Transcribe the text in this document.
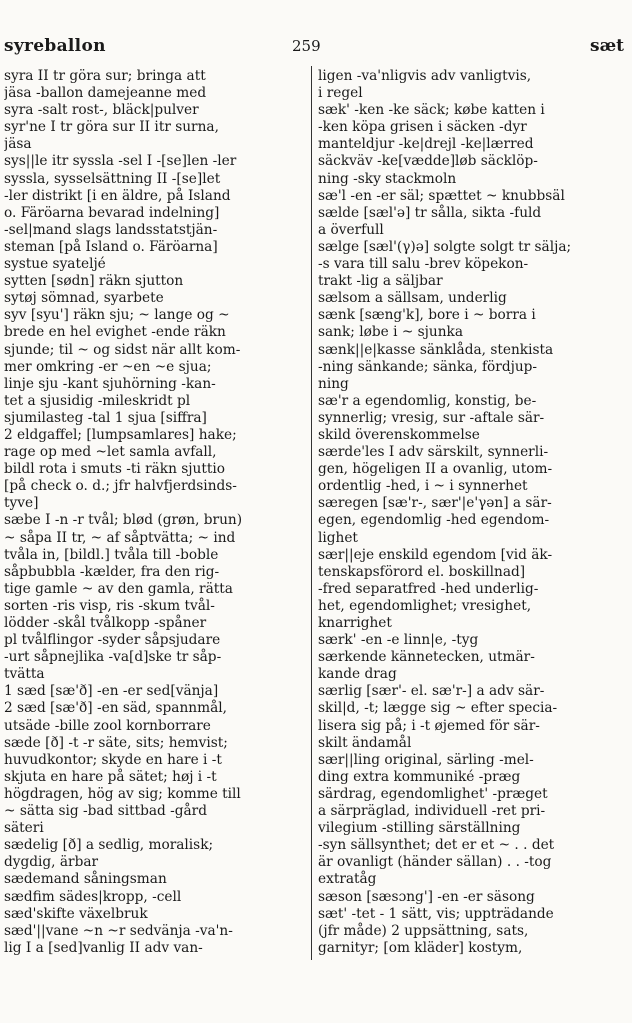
syreballon	259	sæt
syra II tr göra sur; bringa att
jäsa -ballon damejeanne med
syra -salt rost-, bläck|pulver
syr'ne I tr göra sur II itr surna,
jäsa
sys||le itr syssla -sel I -[se]len -ler
syssla, sysselsättning II -[se]let
-ler distrikt [i en äldre, på Island
o. Färöarna bevarad indelning]
-sel|mand slags landsstatstjän-
steman [på Island o. Färöarna]
systue syateljé
sytten [sødn] räkn sjutton
sytøj sömnad, syarbete
syv [syu'] räkn sju; ~ lange og ~
brede en hel evighet -ende räkn
sjunde; til ~ og sidst när allt kom-
mer omkring -er ~en ~e sjua;
linje sju -kant sjuhörning -kan-
tet a sjusidig -mileskridt pl
sjumilasteg -tal 1 sjua [siffra]
2 eldgaffel; [lumpsamlares] hake;
rage op med ~let samla avfall,
bildl rota i smuts -ti räkn sjuttio
[på check o. d.; jfr halvfjerdsinds-
tyve]
sæbe I -n -r tvål; blød (grøn, brun)
~ såpa II tr, ~ af såptvätta; ~ ind
tvåla in, [bildl.] tvåla till -boble
såpbubbla -kælder, fra den rig-
tige gamle ~ av den gamla, rätta
sorten -ris visp, ris -skum tvål-
lödder -skål tvålkopp -spåner
pl tvålflingor -syder såpsjudare
-urt såpnejlika -va[d]ske tr såp-
tvätta
1 sæd [sæ'ð] -en -er sed[vänja]
2 sæd [sæ'ð] -en säd, spannmål,
utsäde -bille zool kornborrare
sæde [ð] -t -r säte, sits; hemvist;
huvudkontor; skyde en hare i -t
skjuta en hare på sätet; høj i -t
högdragen, hög av sig; komme till
~ sätta sig -bad sittbad -gård
säteri
sædelig [ð] a sedlig, moralisk;
dygdig, ärbar
sædemand såningsman
sædfim sädes|kropp, -cell
sæd'skifte växelbruk
sæd'||vane ~n ~r sedvänja -va'n-
lig I a [sed]vanlig II adv van-
ligen -va'nligvis adv vanligtvis,
i regel
sæk' -ken -ke säck; købe katten i
-ken köpa grisen i säcken -dyr
manteldjur -ke|drejl -ke|lærred
säckväv -ke[vædde]løb säcklöp-
ning -sky stackmoln
sæ'l -en -er säl; spættet ~ knubbsäl
sælde [sæl'ə] tr sålla, sikta -fuld
a överfull
sælge [sæl'(γ)ə] solgte solgt tr sälja;
-s vara till salu -brev köpekon-
trakt -lig a säljbar
sælsom a sällsam, underlig
sænk [sæng'k], bore i ~ borra i
sank; løbe i ~ sjunka
sænk||e|kasse sänklåda, stenkista
-ning sänkande; sänka, fördjup-
ning
sæ'r a egendomlig, konstig, be-
synnerlig; vresig, sur -aftale sär-
skild överenskommelse
særde'les I adv särskilt, synnerli-
gen, högeligen II a ovanlig, utom-
ordentlig -hed, i ~ i synnerhet
særegen [sæ'r-, sær'|e'γən] a sär-
egen, egendomlig -hed egendom-
lighet
sær||eje enskild egendom [vid äk-
tenskapsförord el. boskillnad]
-fred separatfred -hed underlig-
het, egendomlighet; vresighet,
knarrighet
særk' -en -e linn|e, -tyg
særkende kännetecken, utmär-
kande drag
særlig [sær'- el. sæ'r-] a adv sär-
skil|d, -t; lægge sig ~ efter specia-
lisera sig på; i -t øjemed för sär-
skilt ändamål
sær||ling original, särling -mel-
ding extra kommuniké -præg
särdrag, egendomlighet' -præget
a särpräglad, individuell -ret pri-
vilegium -stilling särställning
-syn sällsynthet; det er et ~ . . det
är ovanligt (händer sällan) . . -tog
extratåg
sæson [sæsɔng'] -en -er säsong
sæt' -tet - 1 sätt, vis; uppträdande
(jfr måde) 2 uppsättning, sats,
garnityr; [om kläder] kostym,
